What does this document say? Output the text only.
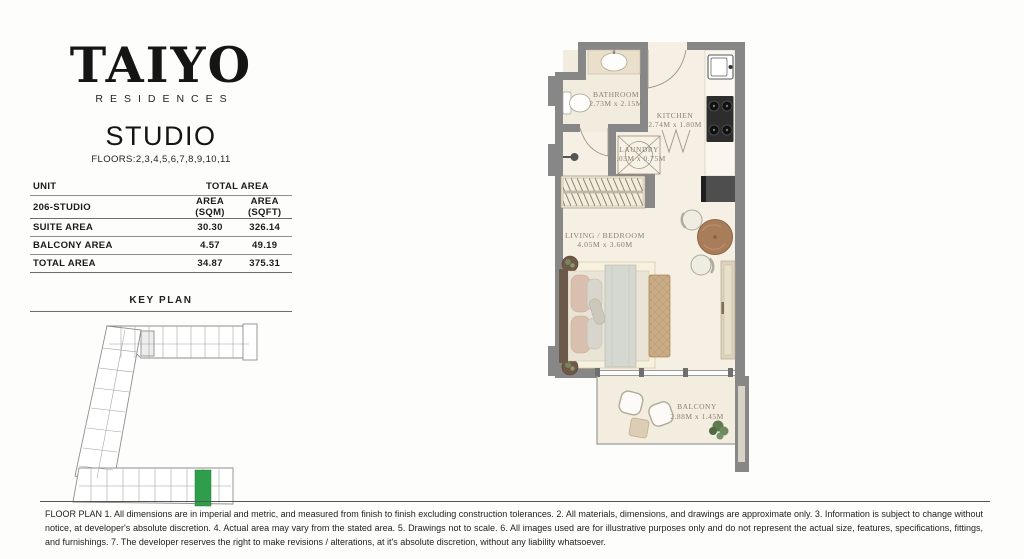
TAIYO
RESIDENCES
STUDIO
FLOORS:2,3,4,5,6,7,8,9,10,11
UNIT	TOTAL AREA	
206-STUDIO	AREA (SQM)	AREA (SQFT)
SUITE AREA	30.30	326.14
BALCONY AREA	4.57	49.19
TOTAL AREA	34.87	375.31
KEY PLAN
BATHROOM
2.73M x 2.15M
KITCHEN
2.74M x 1.80M
LAUNDRY
1.03M x 0.75M
LIVING / BEDROOM
4.05M x 3.60M
BALCONY
2.88M x 1.45M

FLOOR PLAN 1. All dimensions are in imperial and metric, and measured from finish to finish excluding construction tolerances. 2. All materials, dimensions, and drawings are approximate only. 3. Information is subject to change without notice, at developer's absolute discretion. 4. Actual area may vary from the stated area. 5. Drawings not to scale. 6. All images used are for illustrative purposes only and do not represent the actual size, features, specifications, fittings, and furnishings. 7. The developer reserves the right to make revisions / alterations, at it's absolute discretion, without any liability whatsoever.
